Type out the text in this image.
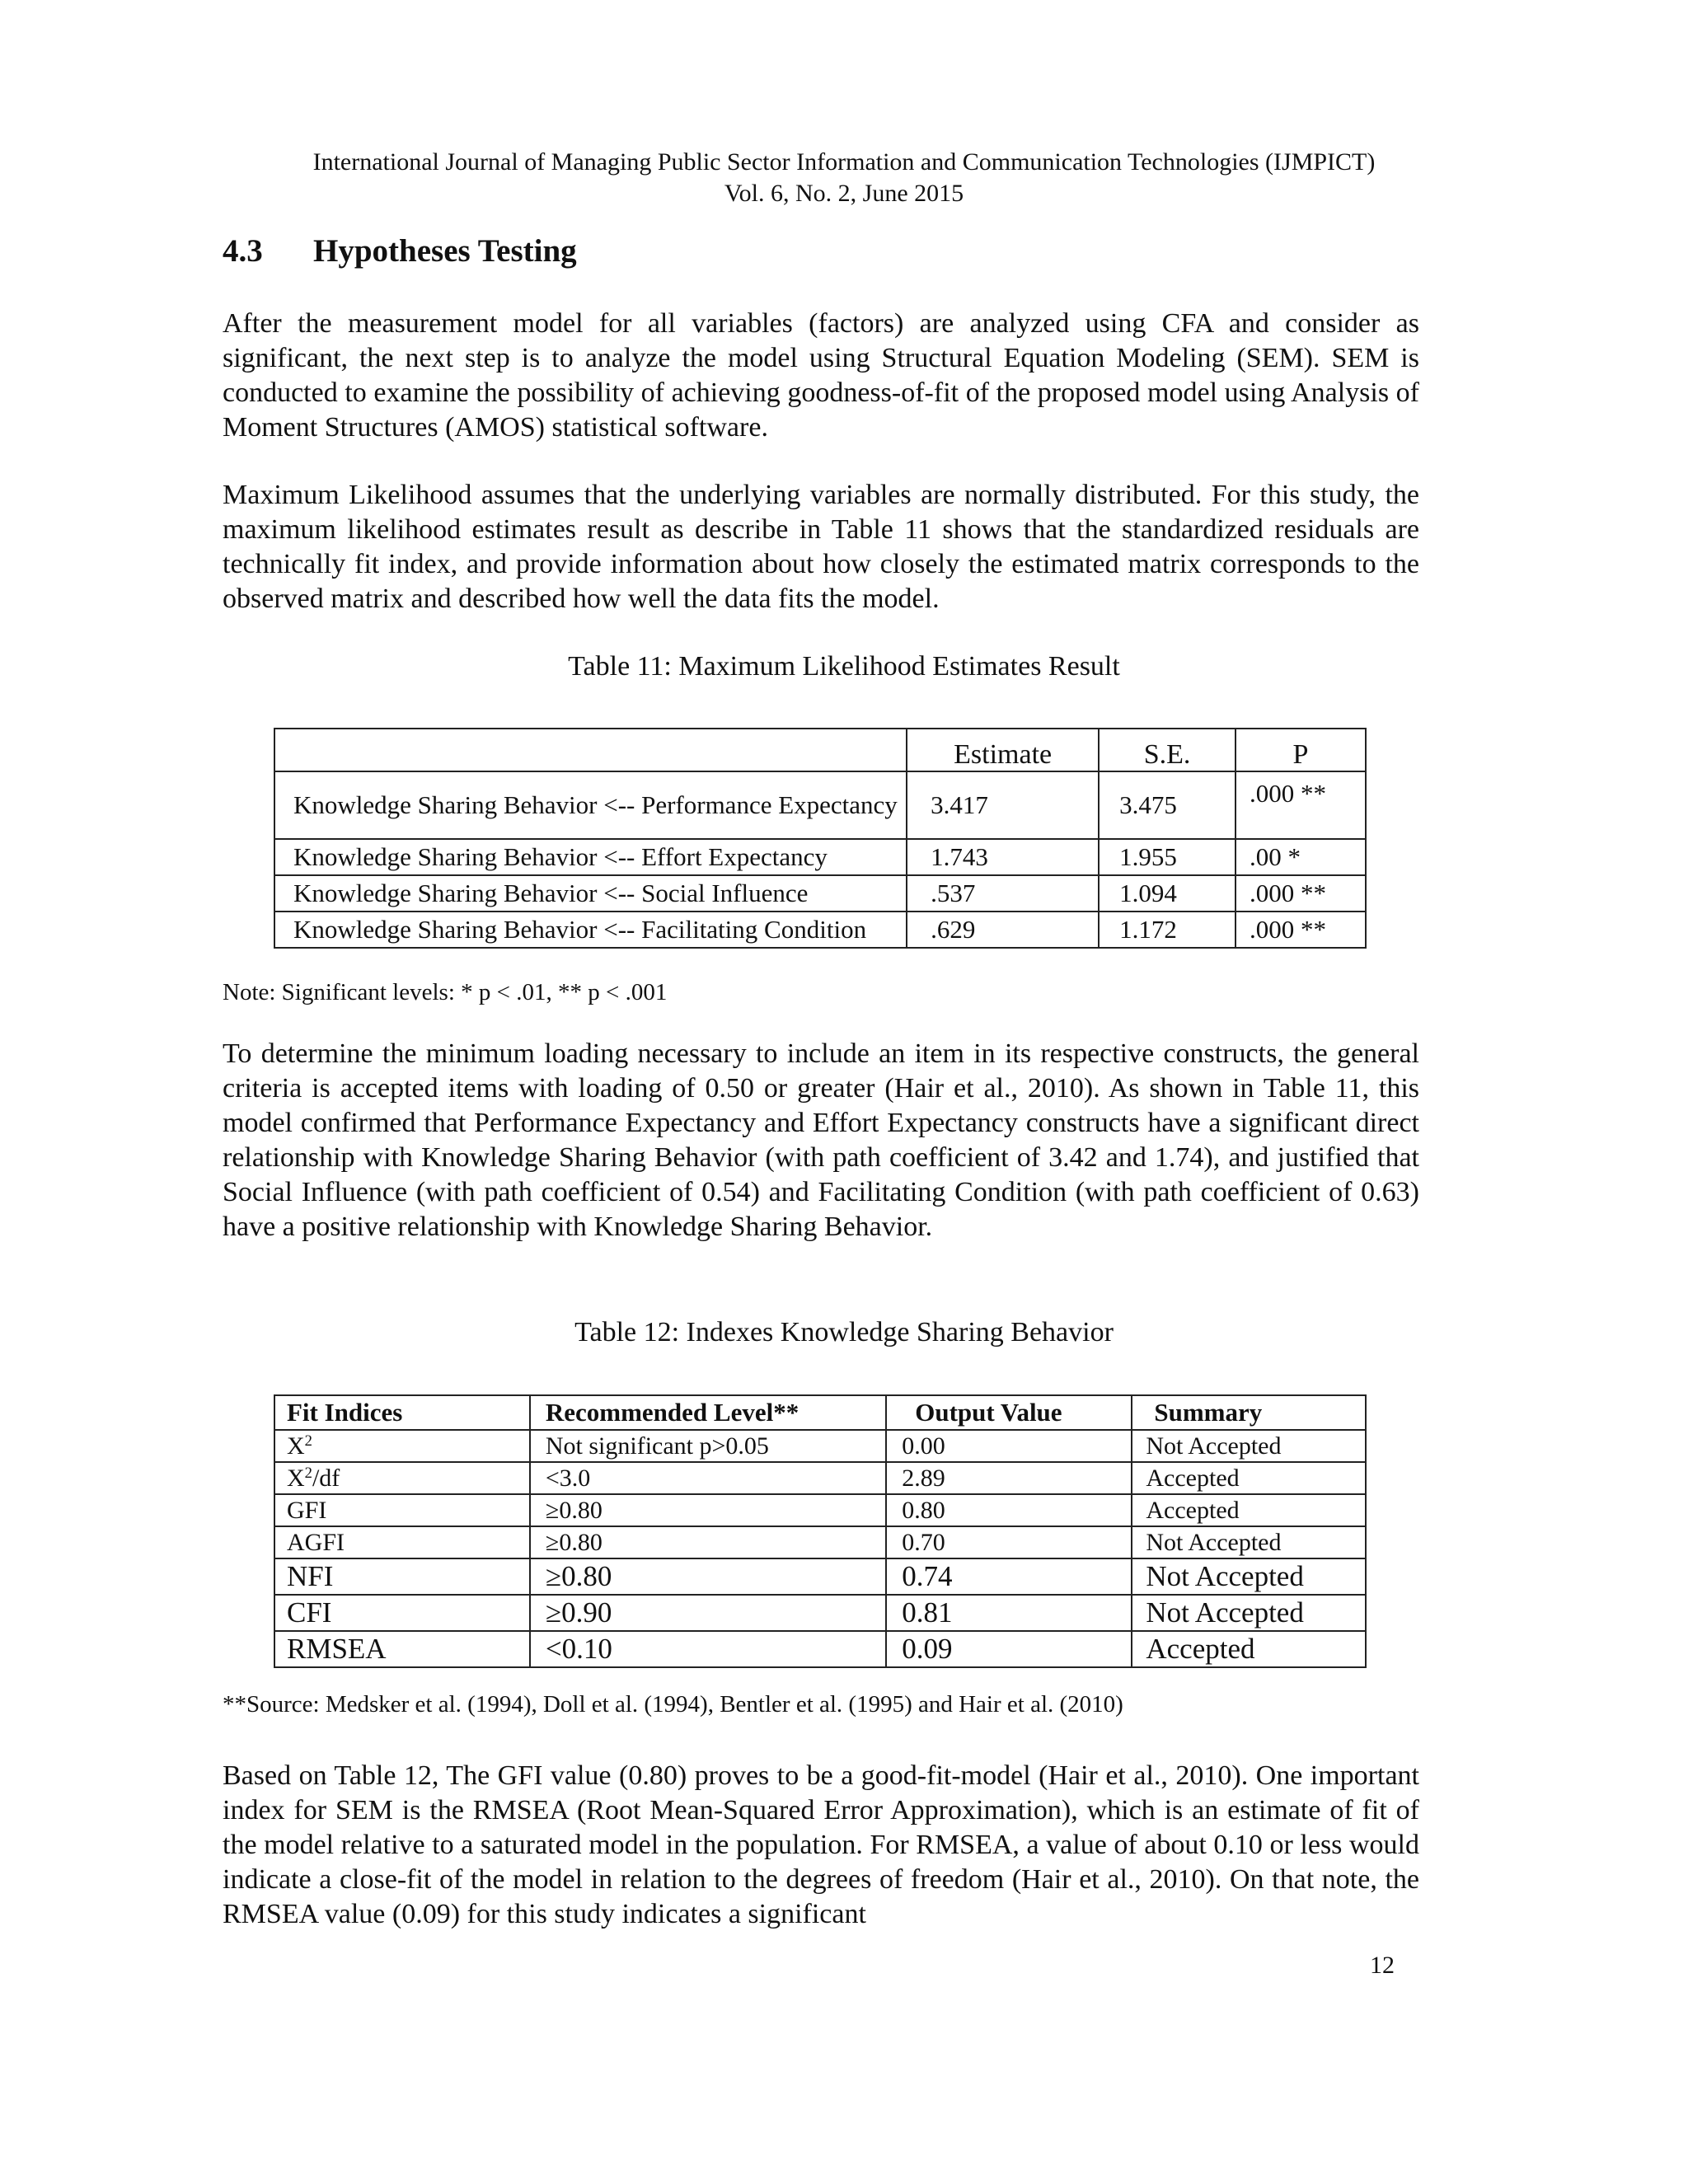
International Journal of Managing Public Sector Information and Communication Technologies (IJMPICT)
Vol. 6, No. 2, June 2015
4.3 Hypotheses Testing

After the measurement model for all variables (factors) are analyzed using CFA and consider as significant, the next step is to analyze the model using Structural Equation Modeling (SEM). SEM is conducted to examine the possibility of achieving goodness-of-fit of the proposed model using Analysis of Moment Structures (AMOS) statistical software.

Maximum Likelihood assumes that the underlying variables are normally distributed. For this study, the maximum likelihood estimates result as describe in Table 11 shows that the standardized residuals are technically fit index, and provide information about how closely the estimated matrix corresponds to the observed matrix and described how well the data fits the model.

Table 11: Maximum Likelihood Estimates Result
	Estimate	S.E.	P
Knowledge Sharing Behavior <-- Performance Expectancy	3.417	3.475	.000 **
Knowledge Sharing Behavior <-- Effort Expectancy	1.743	1.955	.00 *
Knowledge Sharing Behavior <-- Social Influence	.537	1.094	.000 **
Knowledge Sharing Behavior <-- Facilitating Condition	.629	1.172	.000 **
Note: Significant levels: * p < .01, ** p < .001

To determine the minimum loading necessary to include an item in its respective constructs, the general criteria is accepted items with loading of 0.50 or greater (Hair et al., 2010). As shown in Table 11, this model confirmed that Performance Expectancy and Effort Expectancy constructs have a significant direct relationship with Knowledge Sharing Behavior (with path coefficient of 3.42 and 1.74), and justified that Social Influence (with path coefficient of 0.54) and Facilitating Condition (with path coefficient of 0.63) have a positive relationship with Knowledge Sharing Behavior.

Table 12: Indexes Knowledge Sharing Behavior
Fit Indices	Recommended Level**	Output Value	Summary
$X^2$	Not significant p>0.05	0.00	Not Accepted
$X^2/df$	<3.0	2.89	Accepted
GFI	≥0.80	0.80	Accepted
AGFI	≥0.80	0.70	Not Accepted
NFI	≥0.80	0.74	Not Accepted
CFI	≥0.90	0.81	Not Accepted
RMSEA	<0.10	0.09	Accepted
**Source: Medsker et al. (1994), Doll et al. (1994), Bentler et al. (1995) and Hair et al. (2010)

Based on Table 12, The GFI value (0.80) proves to be a good-fit-model (Hair et al., 2010). One important index for SEM is the RMSEA (Root Mean-Squared Error Approximation), which is an estimate of fit of the model relative to a saturated model in the population. For RMSEA, a value of about 0.10 or less would indicate a close-fit of the model in relation to the degrees of freedom (Hair et al., 2010). On that note, the RMSEA value (0.09) for this study indicates a significant

12
